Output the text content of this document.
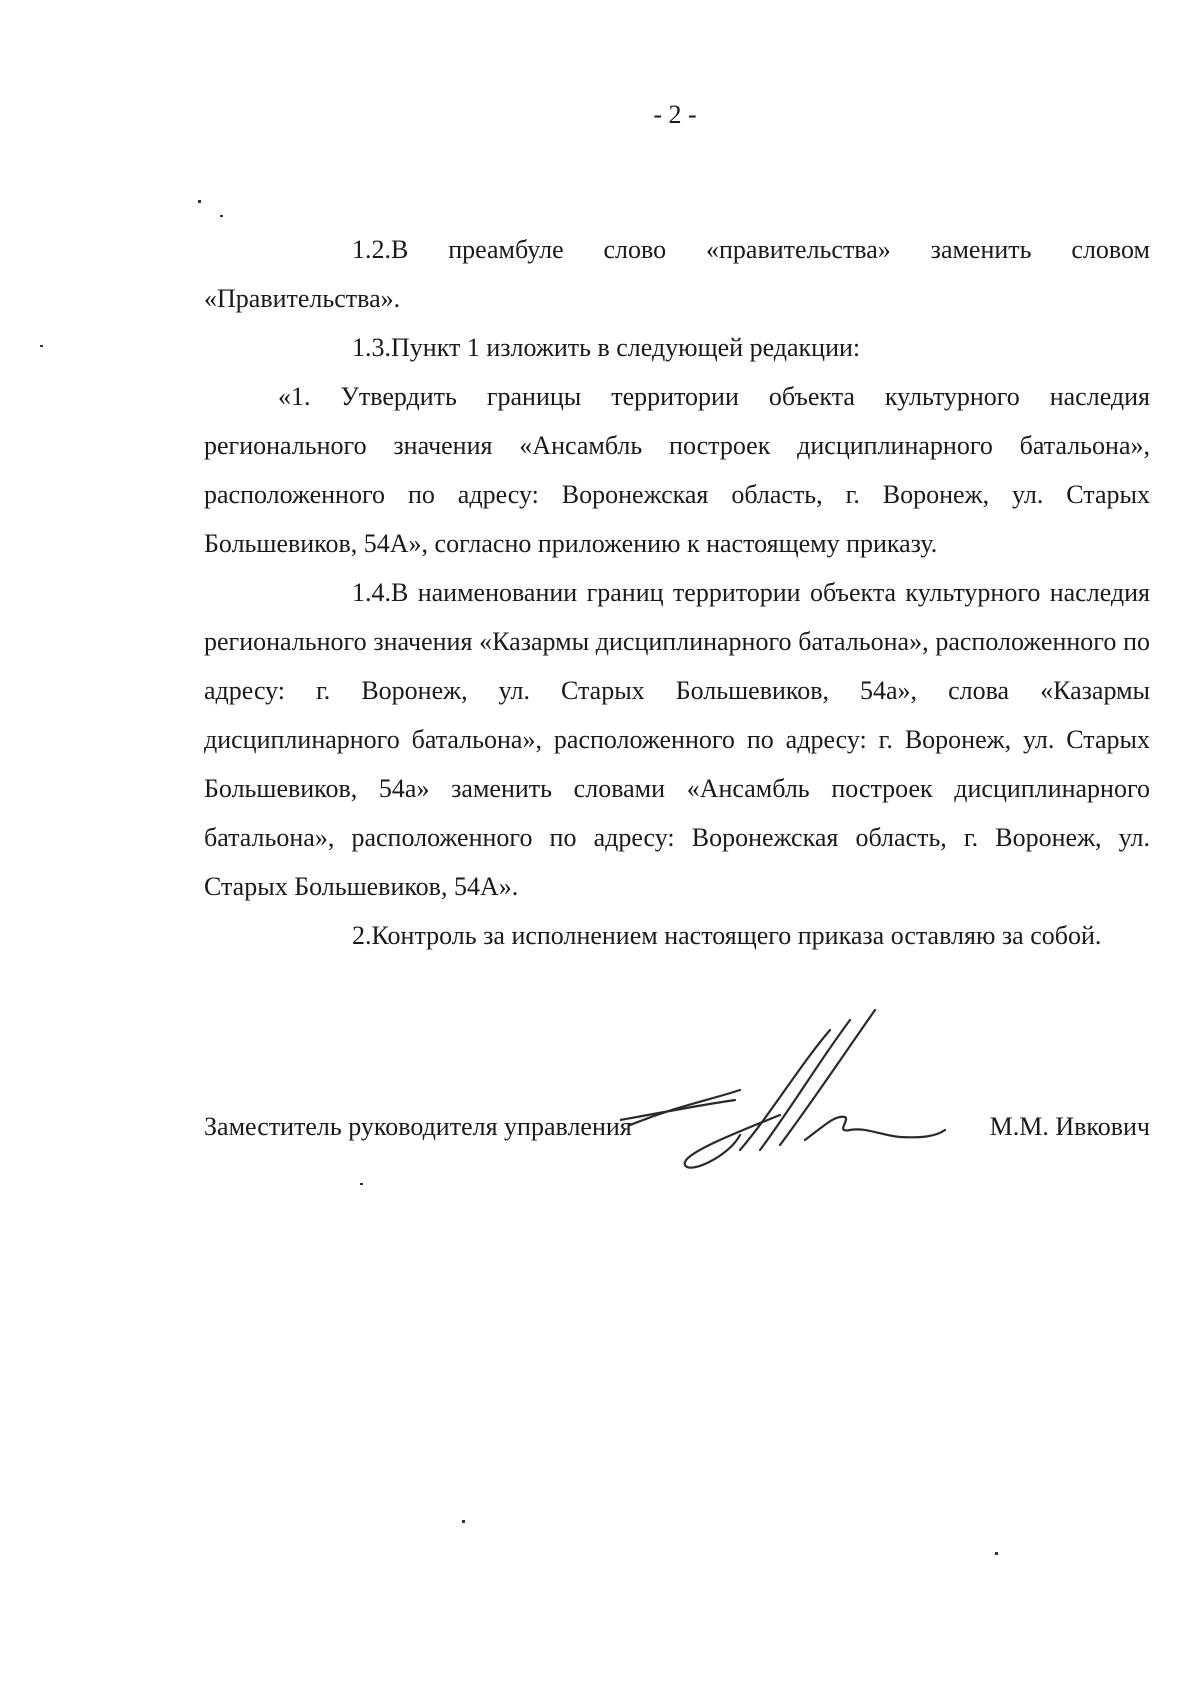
- 2 -

1.2.В преамбуле слово «правительства» заменить словом «Правительства».

1.3.Пункт 1 изложить в следующей редакции:

«1. Утвердить границы территории объекта культурного наследия регионального значения «Ансамбль построек дисциплинарного батальона», расположенного по адресу: Воронежская область, г. Воронеж, ул. Старых Большевиков, 54А», согласно приложению к настоящему приказу.

1.4.В наименовании границ территории объекта культурного наследия регионального значения «Казармы дисциплинарного батальона», расположенного по адресу: г. Воронеж, ул. Старых Большевиков, 54а», слова «Казармы дисциплинарного батальона», расположенного по адресу: г. Воронеж, ул. Старых Большевиков, 54а» заменить словами «Ансамбль построек дисциплинарного батальона», расположенного по адресу: Воронежская область, г. Воронеж, ул. Старых Большевиков, 54А».

2.Контроль за исполнением настоящего приказа оставляю за собой.

Заместитель руководителя управления	М.М. Ивкович
